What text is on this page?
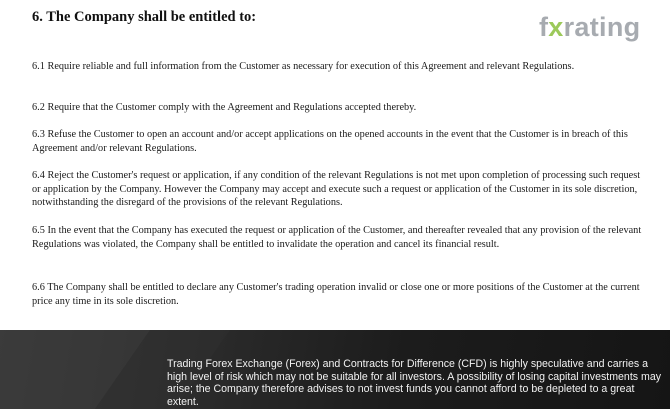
6. The Company shall be entitled to:	fxrating

6.1 Require reliable and full information from the Customer as necessary for execution of this Agreement and relevant Regulations.

6.2 Require that the Customer comply with the Agreement and Regulations accepted thereby.

6.3 Refuse the Customer to open an account and/or accept applications on the opened accounts in the event that the Customer is in breach of this Agreement and/or relevant Regulations.

6.4 Reject the Customer's request or application, if any condition of the relevant Regulations is not met upon completion of processing such request or application by the Company. However the Company may accept and execute such a request or application of the Customer in its sole discretion, notwithstanding the disregard of the provisions of the relevant Regulations.

6.5 In the event that the Company has executed the request or application of the Customer, and thereafter revealed that any provision of the relevant Regulations was violated, the Company shall be entitled to invalidate the operation and cancel its financial result.

6.6 The Company shall be entitled to declare any Customer's trading operation invalid or close one or more positions of the Customer at the current price any time in its sole discretion.

Trading Forex Exchange (Forex) and Contracts for Difference (CFD) is highly speculative and carries a high level of risk which may not be suitable for all investors. A possibility of losing capital investments may arise; the Company therefore advises to not invest funds you cannot afford to be depleted to a great extent.
